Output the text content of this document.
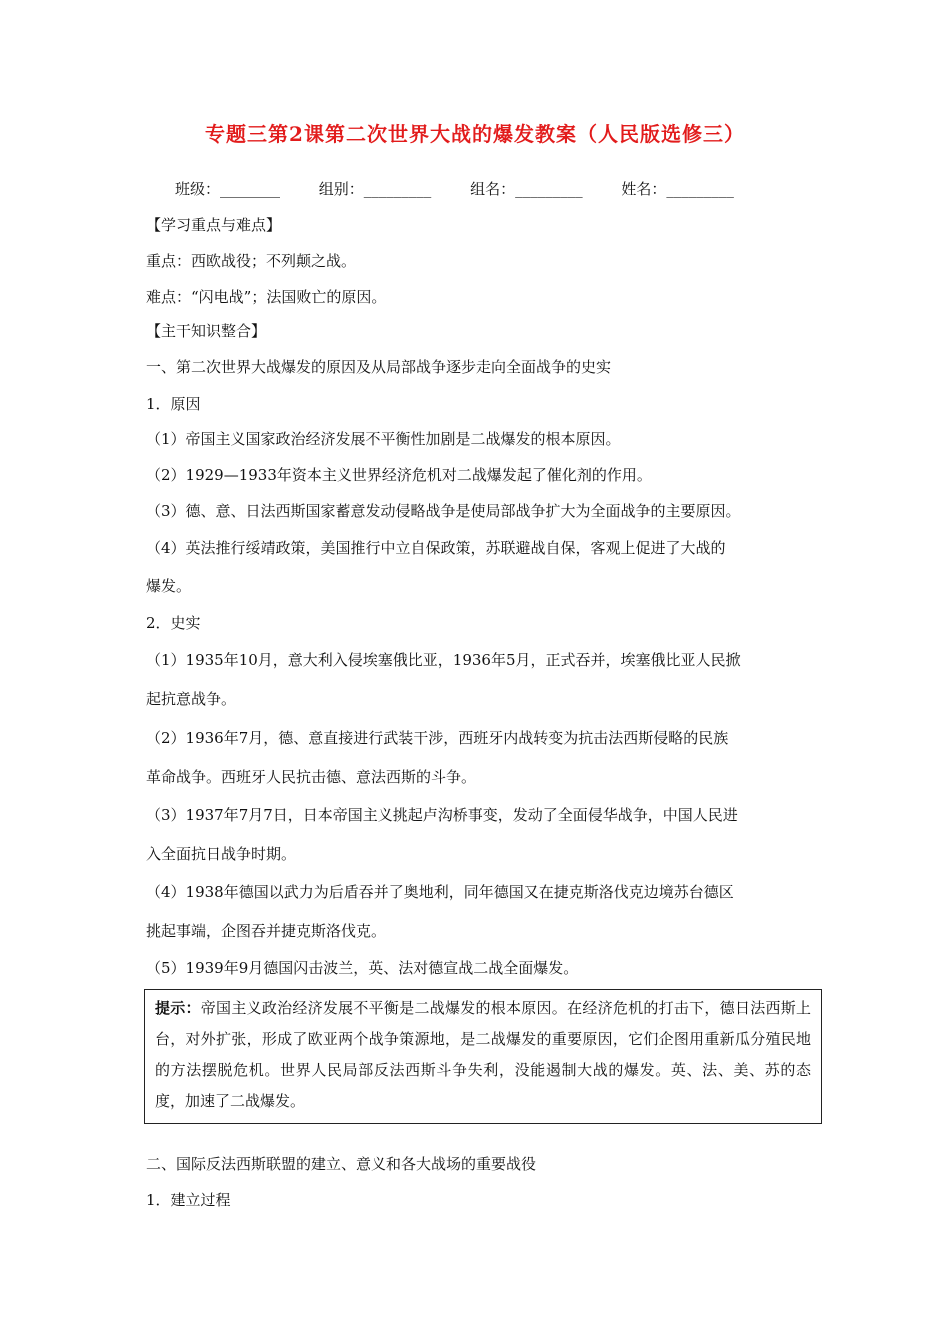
专题三第2课第二次世界大战的爆发教案（人民版选修三）
班级：________	组别：_________	组名：_________	姓名：_________
【学习重点与难点】
重点：西欧战役；不列颠之战。
难点：“闪电战”；法国败亡的原因。
【主干知识整合】
一、第二次世界大战爆发的原因及从局部战争逐步走向全面战争的史实
1．原因
（1）帝国主义国家政治经济发展不平衡性加剧是二战爆发的根本原因。
（2）1929—1933年资本主义世界经济危机对二战爆发起了催化剂的作用。
（3）德、意、日法西斯国家蓄意发动侵略战争是使局部战争扩大为全面战争的主要原因。
（4）英法推行绥靖政策，美国推行中立自保政策，苏联避战自保，客观上促进了大战的
爆发。
2．史实
（1）1935年10月，意大利入侵埃塞俄比亚，1936年5月，正式吞并，埃塞俄比亚人民掀
起抗意战争。
（2）1936年7月，德、意直接进行武装干涉，西班牙内战转变为抗击法西斯侵略的民族
革命战争。西班牙人民抗击德、意法西斯的斗争。
（3）1937年7月7日，日本帝国主义挑起卢沟桥事变，发动了全面侵华战争，中国人民进
入全面抗日战争时期。
（4）1938年德国以武力为后盾吞并了奥地利，同年德国又在捷克斯洛伐克边境苏台德区
挑起事端，企图吞并捷克斯洛伐克。
（5）1939年9月德国闪击波兰，英、法对德宣战二战全面爆发。
提示：帝国主义政治经济发展不平衡是二战爆发的根本原因。在经济危机的打击下，德日法西斯上台，对外扩张，形成了欧亚两个战争策源地，是二战爆发的重要原因，它们企图用重新瓜分殖民地的方法摆脱危机。世界人民局部反法西斯斗争失利，没能遏制大战的爆发。英、法、美、苏的态度，加速了二战爆发。
二、国际反法西斯联盟的建立、意义和各大战场的重要战役
1．建立过程
